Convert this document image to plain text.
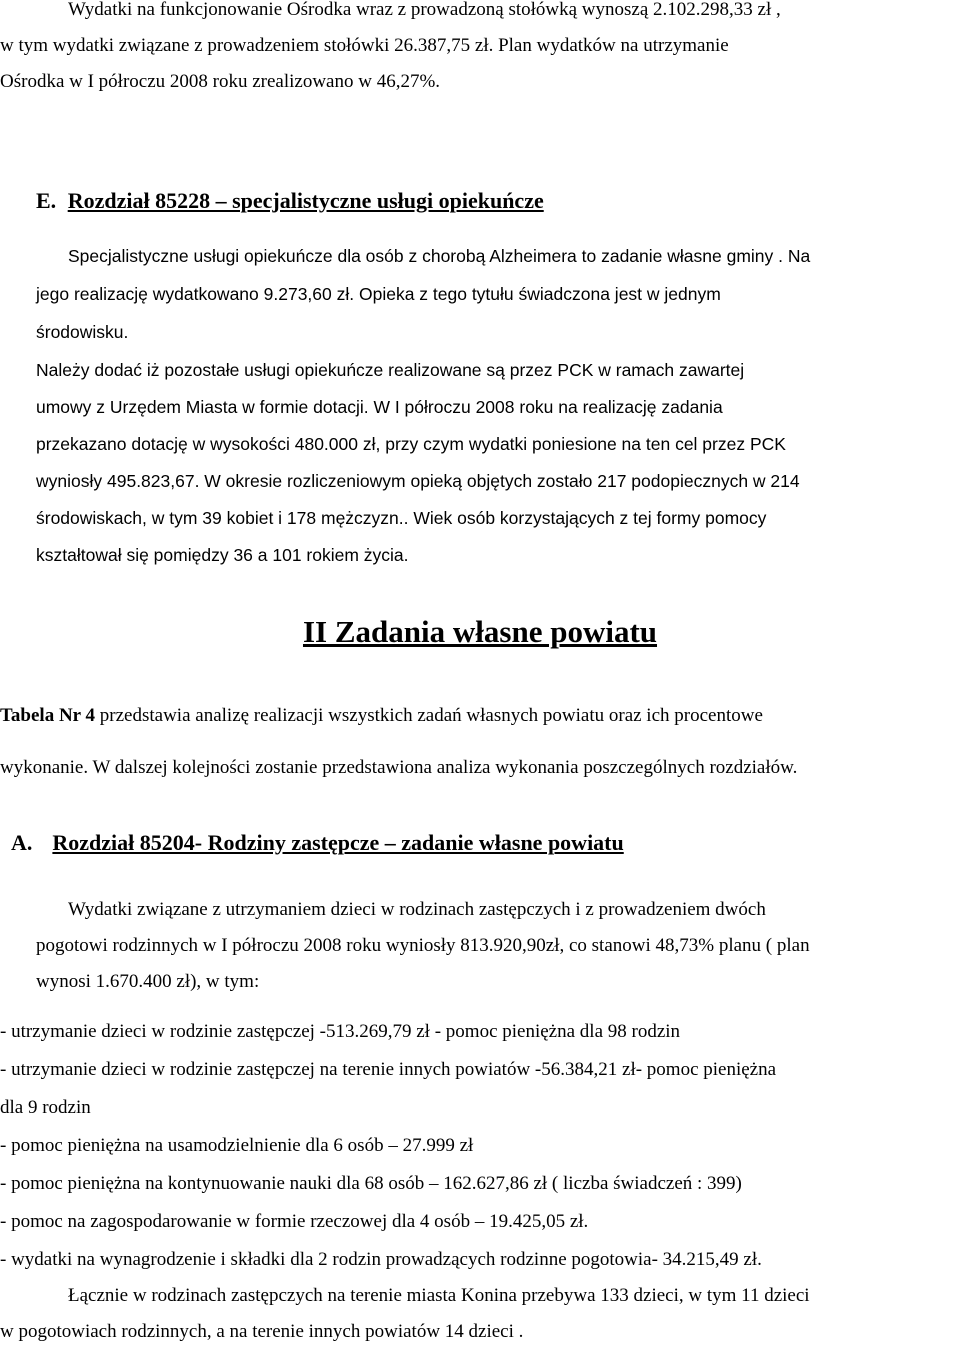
Wydatki na funkcjonowanie Ośrodka wraz z prowadzoną stołówką wynoszą 2.102.298,33 zł ,
w tym wydatki związane z prowadzeniem stołówki 26.387,75 zł. Plan wydatków na utrzymanie
Ośrodka w I półroczu 2008 roku zrealizowano w 46,27%.
E. Rozdział 85228 – specjalistyczne usługi opiekuńcze
Specjalistyczne usługi opiekuńcze dla osób z chorobą Alzheimera to zadanie własne gminy . Na
jego realizację wydatkowano 9.273,60 zł. Opieka z tego tytułu świadczona jest w jednym
środowisku.
Należy dodać iż pozostałe usługi opiekuńcze realizowane są przez PCK w ramach zawartej
umowy z Urzędem Miasta w formie dotacji. W I półroczu 2008 roku na realizację zadania
przekazano dotację w wysokości 480.000 zł, przy czym wydatki poniesione na ten cel przez PCK
wyniosły 495.823,67. W okresie rozliczeniowym opieką objętych zostało 217 podopiecznych w 214
środowiskach, w tym 39 kobiet i 178 mężczyzn.. Wiek osób korzystających z tej formy pomocy
kształtował się pomiędzy 36 a 101 rokiem życia.
II Zadania własne powiatu
Tabela Nr 4 przedstawia analizę realizacji wszystkich zadań własnych powiatu oraz ich procentowe
wykonanie. W dalszej kolejności zostanie przedstawiona analiza wykonania poszczególnych rozdziałów.
A. Rozdział 85204- Rodziny zastępcze – zadanie własne powiatu
Wydatki związane z utrzymaniem dzieci w rodzinach zastępczych i z prowadzeniem dwóch
pogotowi rodzinnych w I półroczu 2008 roku wyniosły 813.920,90zł, co stanowi 48,73% planu ( plan
wynosi 1.670.400 zł), w tym:
- utrzymanie dzieci w rodzinie zastępczej -513.269,79 zł - pomoc pieniężna dla 98 rodzin
- utrzymanie dzieci w rodzinie zastępczej na terenie innych powiatów -56.384,21 zł- pomoc pieniężna
dla 9 rodzin
- pomoc pieniężna na usamodzielnienie dla 6 osób – 27.999 zł
- pomoc pieniężna na kontynuowanie nauki dla 68 osób – 162.627,86 zł ( liczba świadczeń : 399)
- pomoc na zagospodarowanie w formie rzeczowej dla 4 osób – 19.425,05 zł.
- wydatki na wynagrodzenie i składki dla 2 rodzin prowadzących rodzinne pogotowia- 34.215,49 zł.
Łącznie w rodzinach zastępczych na terenie miasta Konina przebywa 133 dzieci, w tym 11 dzieci
w pogotowiach rodzinnych, a na terenie innych powiatów 14 dzieci .
